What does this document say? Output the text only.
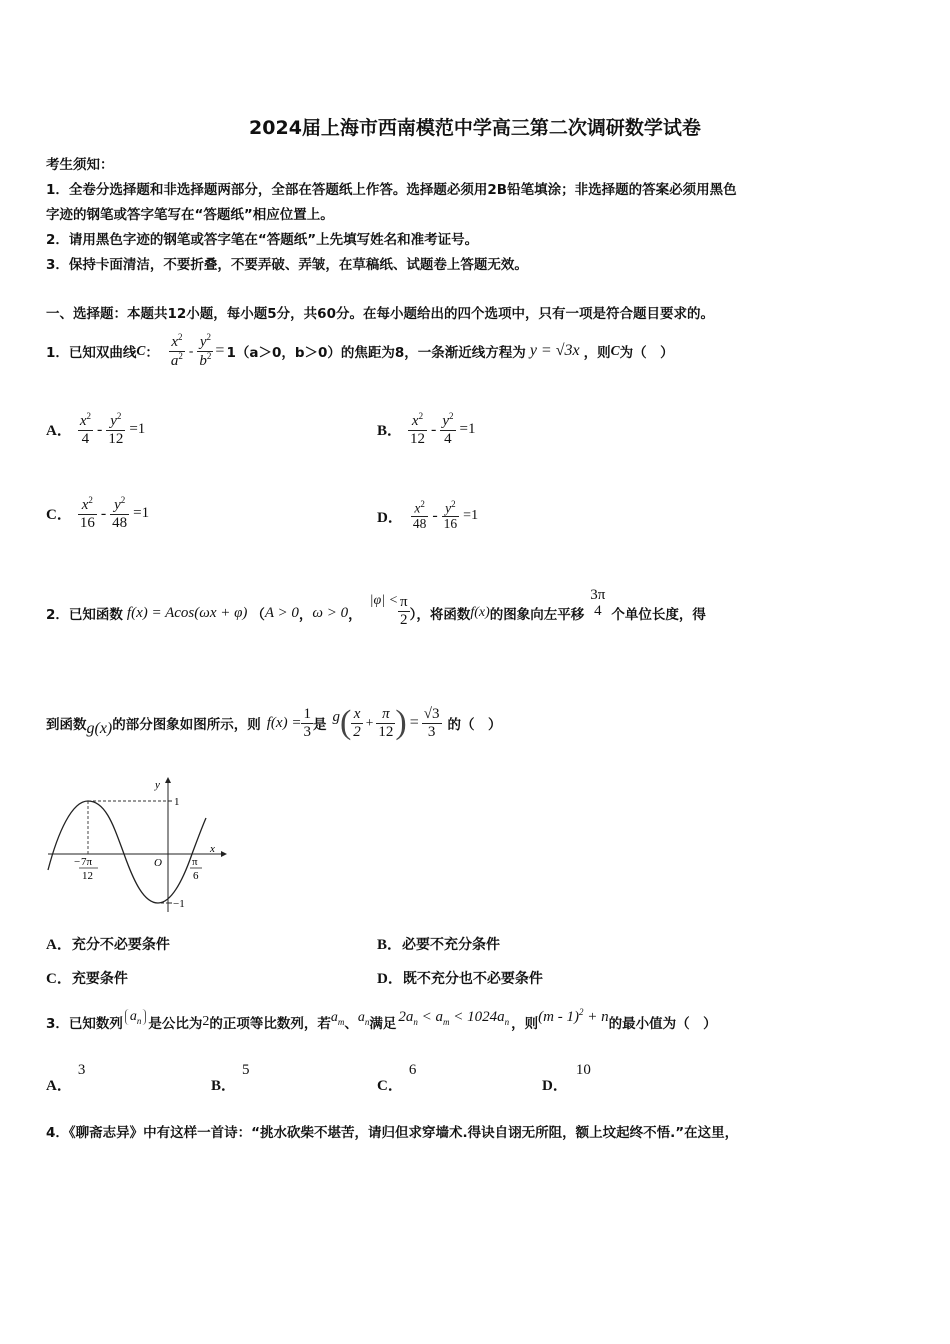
2024届上海市西南模范中学高三第二次调研数学试卷
考生须知：
1．全卷分选择题和非选择题两部分，全部在答题纸上作答。选择题必须用2B铅笔填涂；非选择题的答案必须用黑色
字迹的钢笔或答字笔写在“答题纸”相应位置上。
2．请用黑色字迹的钢笔或答字笔在“答题纸”上先填写姓名和准考证号。
3．保持卡面清洁，不要折叠，不要弄破、弄皱，在草稿纸、试题卷上答题无效。
一、选择题：本题共12小题，每小题5分，共60分。在每小题给出的四个选项中，只有一项是符合题目要求的。
1．已知双曲线 C ： $\frac{x^2}{a^2} - \frac{y^2}{b^2} = 1(a>0$，b＞0）的焦距为8，一条渐近线方程为 y = √3x ，则 C 为（　）
A． $\frac{x^2}{4} - \frac{y^2}{12} =1$	B． $\frac{x^2}{12} - \frac{y^2}{4} =1$
C． $\frac{x^2}{16} - \frac{y^2}{48} =1$	D． $\frac{x^2}{48} - \frac{y^2}{16} =1$
2．已知函数 f(x) = Acos(ωx + φ) （ A > 0 ， ω > 0 ，
$|\varphi| < \frac{\pi}{2}$ ），将函数 f(x) 的图象向左平移
3π
4 个单位长度，得
到函数 g(x) 的部分图象如图所示，则 $f(x) = \frac{1}{3}$ 是
g ( $\frac{x}{2} + \frac{\pi}{12}$ ) = $\frac{√3}{3}$ 的（　）
y
x
O
1
−1
− 7π
12
π
6
A．充分不必要条件	B．必要不充分条件
C．充要条件	D．既不充分也不必要条件
3．已知数列 $a_n$ 是公比为 2 的正项等比数列，若 $a_m$ 、 $a_n$ 满足 $2a_n < a_m < 1024a_n$ ，则 (m - 1)$^2$ + n 的最小值为（　）
A．
3
B．
5
C．
6
D．
10
4．《聊斋志异》中有这样一首诗：“挑水砍柴不堪苦，请归但求穿墙术.得诀自诩无所阻，额上坟起终不悟.”在这里，
